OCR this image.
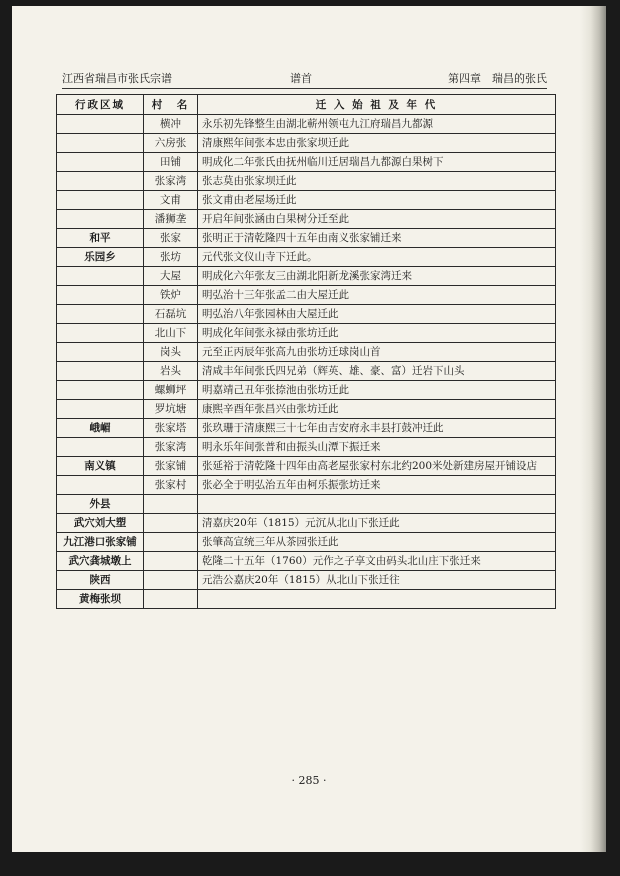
江西省瑞昌市张氏宗谱	谱首	第四章　瑞昌的张氏
行政区域	村　名	迁 入 始 祖 及 年 代
	横冲	永乐初先锋整生由湖北蕲州领屯九江府瑞昌九都源
	六房张	清康熙年间张本忠由张家坝迁此
	田铺	明成化二年张氏由抚州临川迁居瑞昌九都源白果树下
	张家湾	张志莫由张家坝迁此
	文甫	张文甫由老屋场迁此
	潘狮垄	开启年间张涵由白果树分迁至此
和平	张家	张明正于清乾隆四十五年由南义张家铺迁来
乐园乡	张坊	元代张文仪山寺下迁此。
	大屋	明成化六年张友三由湖北阳新龙溪张家湾迁来
	铁炉	明弘治十三年张孟二由大屋迁此
	石磊坑	明弘治八年张园林由大屋迁此
	北山下	明成化年间张永禄由张坊迁此
	岗头	元至正丙辰年张高九由张坊迁球岗山首
	岩头	清咸丰年间张氏四兄弟（辉英、雄、豪、富）迁岩下山头
	螺蛳坪	明嘉靖己丑年张捺池由张坊迁此
	罗坑塘	康熙辛酉年张昌兴由张坊迁此
峨嵋	张家塔	张玖珊于清康熙三十七年由吉安府永丰县打鼓冲迁此
	张家湾	明永乐年间张普和由振头山潭下振迁来
南义镇	张家铺	张延裕于清乾隆十四年由高老屋张家村东北约200米处新建房屋开铺设店
	张家村	张必全于明弘治五年由柯乐振张坊迁来
外县		
武穴刘大塑		清嘉庆20年（1815）元沉从北山下张迁此
九江港口张家铺		张肇高宣统三年从茶园张迁此
武穴龚城墩上		乾隆二十五年（1760）元作之子享文由码头北山庄下张迁来
陕西		元浩公嘉庆20年（1815）从北山下张迁往
黄梅张坝		
· 285 ·
